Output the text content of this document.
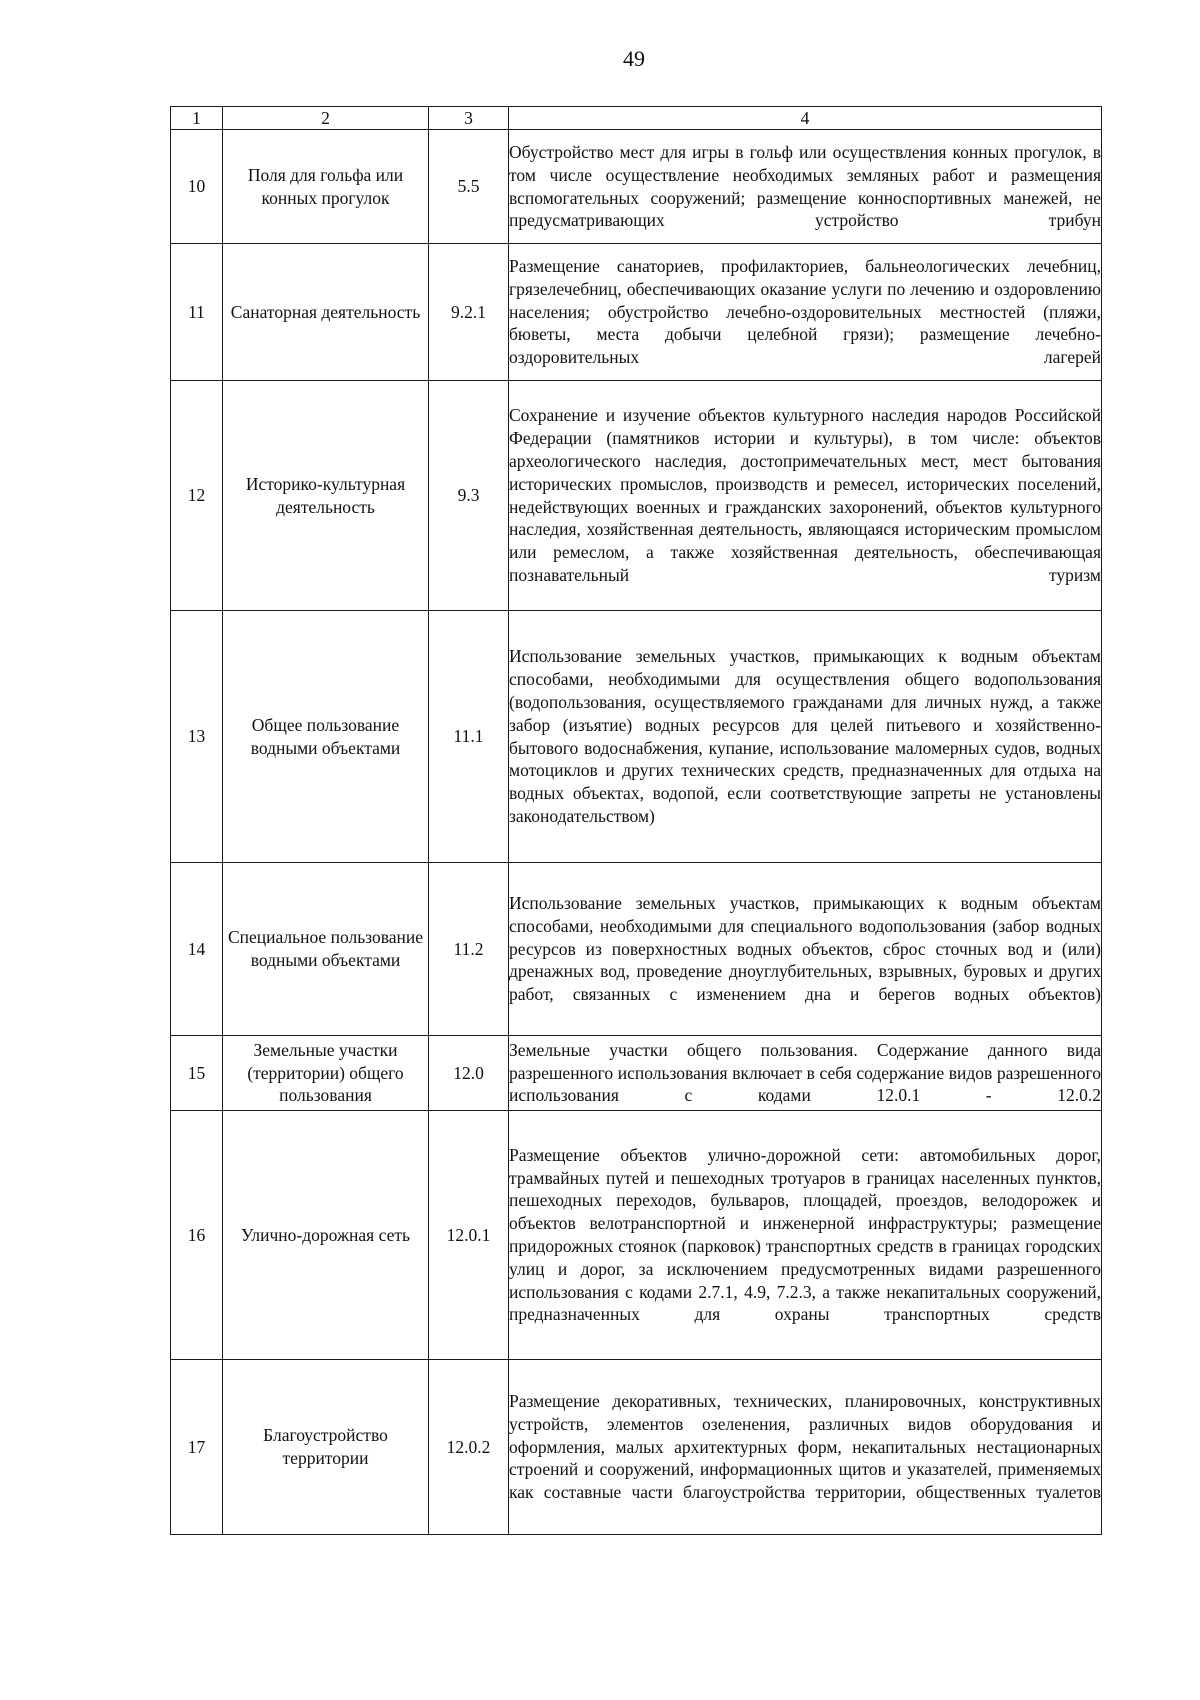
49
1	2	3	4
10	Поля для гольфа или конных прогулок	5.5	Обустройство мест для игры в гольф или осуществления конных прогулок, в том числе осуществление необходимых земляных работ и размещения вспомогательных сооружений; размещение конноспортивных манежей, не предусматривающих устройство трибун
11	Санаторная деятельность	9.2.1	Размещение санаториев, профилакториев, бальнеологических лечебниц, грязелечебниц, обеспечивающих оказание услуги по лечению и оздоровлению населения; обустройство лечебно-оздоровительных местностей (пляжи, бюветы, места добычи целебной грязи); размещение лечебно-оздоровительных лагерей
12	Историко-культурная деятельность	9.3	Сохранение и изучение объектов культурного наследия народов Российской Федерации (памятников истории и культуры), в том числе: объектов археологического наследия, достопримечательных мест, мест бытования исторических промыслов, производств и ремесел, исторических поселений, недействующих военных и гражданских захоронений, объектов культурного наследия, хозяйственная деятельность, являющаяся историческим промыслом или ремеслом, а также хозяйственная деятельность, обеспечивающая познавательный туризм
13	Общее пользование водными объектами	11.1	Использование земельных участков, примыкающих к водным объектам способами, необходимыми для осуществления общего водопользования (водопользования, осуществляемого гражданами для личных нужд, а также забор (изъятие) водных ресурсов для целей питьевого и хозяйственно-бытового водоснабжения, купание, использование маломерных судов, водных мотоциклов и других технических средств, предназначенных для отдыха на водных объектах, водопой, если соответствующие запреты не установлены законодательством)
14	Специальное пользование водными объектами	11.2	Использование земельных участков, примыкающих к водным объектам способами, необходимыми для специального водопользования (забор водных ресурсов из поверхностных водных объектов, сброс сточных вод и (или) дренажных вод, проведение дноуглубительных, взрывных, буровых и других работ, связанных с изменением дна и берегов водных объектов)
15	Земельные участки (территории) общего пользования	12.0	Земельные участки общего пользования. Содержание данного вида разрешенного использования включает в себя содержание видов разрешенного использования с кодами 12.0.1 - 12.0.2
16	Улично-дорожная сеть	12.0.1	Размещение объектов улично-дорожной сети: автомобильных дорог, трамвайных путей и пешеходных тротуаров в границах населенных пунктов, пешеходных переходов, бульваров, площадей, проездов, велодорожек и объектов велотранспортной и инженерной инфраструктуры; размещение придорожных стоянок (парковок) транспортных средств в границах городских улиц и дорог, за исключением предусмотренных видами разрешенного использования с кодами 2.7.1, 4.9, 7.2.3, а также некапитальных сооружений, предназначенных для охраны транспортных средств
17	Благоустройство территории	12.0.2	Размещение декоративных, технических, планировочных, конструктивных устройств, элементов озеленения, различных видов оборудования и оформления, малых архитектурных форм, некапитальных нестационарных строений и сооружений, информационных щитов и указателей, применяемых как составные части благоустройства территории, общественных туалетов
